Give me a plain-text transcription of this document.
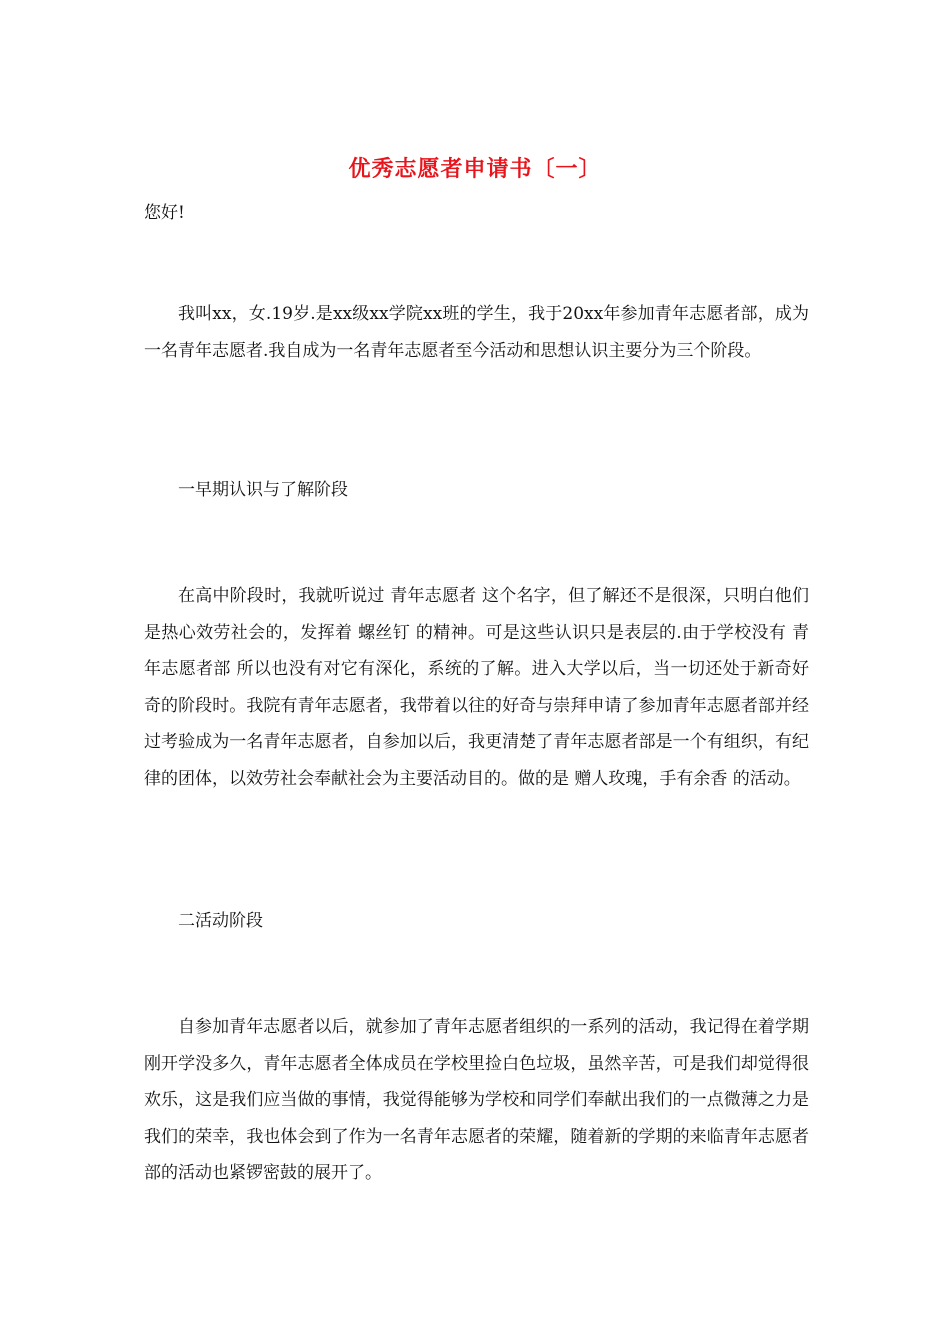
优秀志愿者申请书〔一〕
您好!

我叫xx，女.19岁.是xx级xx学院xx班的学生，我于20xx年参加青年志愿者部，成为一名青年志愿者.我自成为一名青年志愿者至今活动和思想认识主要分为三个阶段。

一早期认识与了解阶段

在高中阶段时，我就听说过 青年志愿者 这个名字，但了解还不是很深，只明白他们是热心效劳社会的，发挥着 螺丝钉 的精神。可是这些认识只是表层的.由于学校没有 青年志愿者部 所以也没有对它有深化，系统的了解。进入大学以后，当一切还处于新奇好奇的阶段时。我院有青年志愿者，我带着以往的好奇与崇拜申请了参加青年志愿者部并经过考验成为一名青年志愿者，自参加以后，我更清楚了青年志愿者部是一个有组织，有纪律的团体，以效劳社会奉献社会为主要活动目的。做的是 赠人玫瑰，手有余香 的活动。

二活动阶段

自参加青年志愿者以后，就参加了青年志愿者组织的一系列的活动，我记得在着学期刚开学没多久，青年志愿者全体成员在学校里捡白色垃圾，虽然辛苦，可是我们却觉得很欢乐，这是我们应当做的事情，我觉得能够为学校和同学们奉献出我们的一点微薄之力是我们的荣幸，我也体会到了作为一名青年志愿者的荣耀，随着新的学期的来临青年志愿者部的活动也紧锣密鼓的展开了。
